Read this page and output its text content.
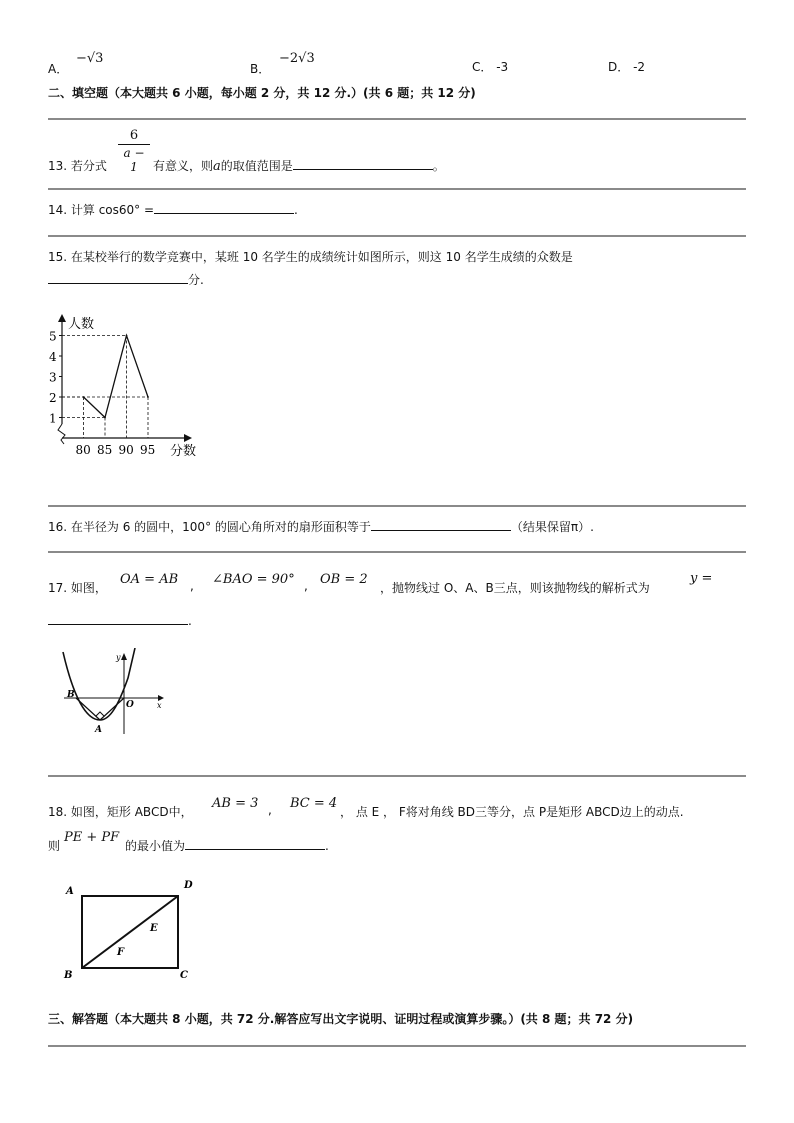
A．
−√3
B．
−2√3
C． -3	D． -2
二、填空题（本大题共 6 小题，每小题 2 分，共 12 分.）(共 6 题；共 12 分)
13. 若分式
6
a − 1	有意义，则a的取值范围是	。
14. 计算 cos60° =	.
15. 在某校举行的数学竞赛中，某班 10 名学生的成绩统计如图所示，则这 10 名学生成绩的众数是
分.
人数
分数
1
2
3
4
5
80 85 90 95
16. 在半径为 6 的圆中，100° 的圆心角所对的扇形面积等于	（结果保留π）.
17. 如图，
OA = AB , ∠BAO = 90° , OB = 2
，抛物线过 O、A、B三点，则该抛物线的解析式为
y =
.
B
O
A
x
y
18. 如图，矩形 ABCD中，
AB = 3 , BC = 4
， 点 E ， F将对角线 BD三等分，点 P是矩形 ABCD边上的动点.
则
PE + PF
的最小值为	.
A
D
B	C
E
F
三、解答题（本大题共 8 小题，共 72 分.解答应写出文字说明、证明过程或演算步骤。）(共 8 题；共 72 分)
